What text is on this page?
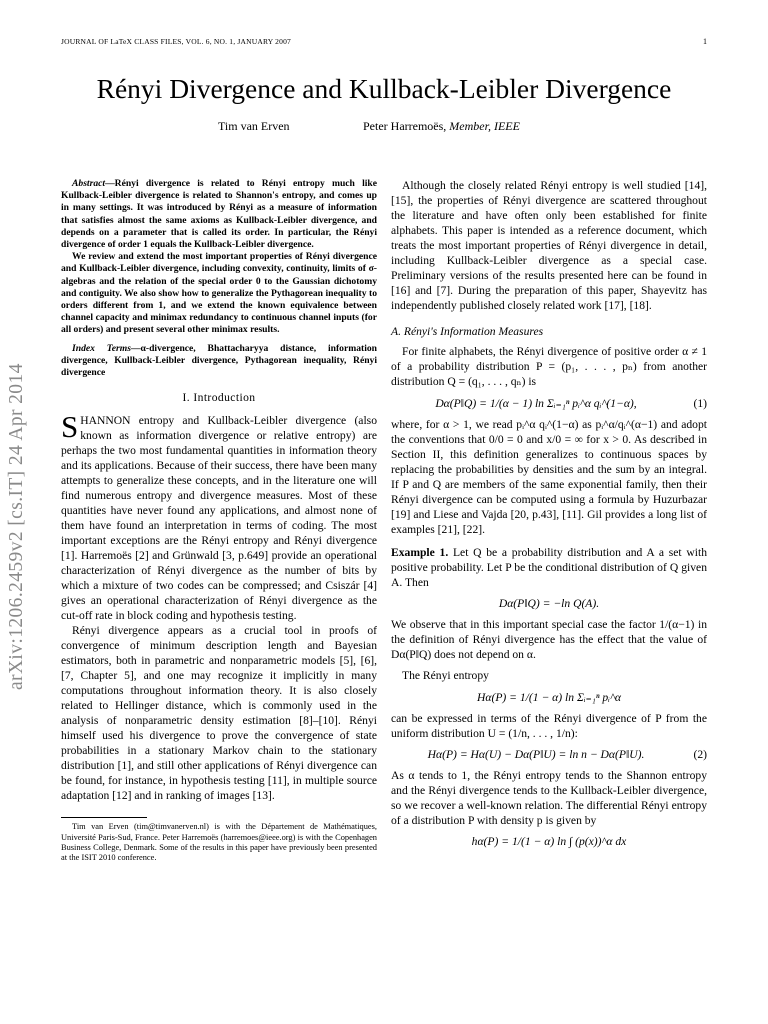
JOURNAL OF LaTeX CLASS FILES, VOL. 6, NO. 1, JANUARY 2007	1
arXiv:1206.2459v2 [cs.IT] 24 Apr 2014
Rényi Divergence and Kullback-Leibler Divergence
Tim van Erven	Peter Harremoës, Member, IEEE

Abstract—Rényi divergence is related to Rényi entropy much like Kullback-Leibler divergence is related to Shannon's entropy, and comes up in many settings. It was introduced by Rényi as a measure of information that satisfies almost the same axioms as Kullback-Leibler divergence, and depends on a parameter that is called its order. In particular, the Rényi divergence of order 1 equals the Kullback-Leibler divergence.

We review and extend the most important properties of Rényi divergence and Kullback-Leibler divergence, including convexity, continuity, limits of σ-algebras and the relation of the special order 0 to the Gaussian dichotomy and contiguity. We also show how to generalize the Pythagorean inequality to orders different from 1, and we extend the known equivalence between channel capacity and minimax redundancy to continuous channel inputs (for all orders) and present several other minimax results.

Index Terms—α-divergence, Bhattacharyya distance, information divergence, Kullback-Leibler divergence, Pythagorean inequality, Rényi divergence

I. Introduction

SHANNON entropy and Kullback-Leibler divergence (also known as information divergence or relative entropy) are perhaps the two most fundamental quantities in information theory and its applications. Because of their success, there have been many attempts to generalize these concepts, and in the literature one will find numerous entropy and divergence measures. Most of these quantities have never found any applications, and almost none of them have found an interpretation in terms of coding. The most important exceptions are the Rényi entropy and Rényi divergence [1]. Harremoës [2] and Grünwald [3, p.649] provide an operational characterization of Rényi divergence as the number of bits by which a mixture of two codes can be compressed; and Csiszár [4] gives an operational characterization of Rényi divergence as the cut-off rate in block coding and hypothesis testing.

Rényi divergence appears as a crucial tool in proofs of convergence of minimum description length and Bayesian estimators, both in parametric and nonparametric models [5], [6], [7, Chapter 5], and one may recognize it implicitly in many computations throughout information theory. It is also closely related to Hellinger distance, which is commonly used in the analysis of nonparametric density estimation [8]–[10]. Rényi himself used his divergence to prove the convergence of state probabilities in a stationary Markov chain to the stationary distribution [1], and still other applications of Rényi divergence can be found, for instance, in hypothesis testing [11], in multiple source adaptation [12] and in ranking of images [13].

Tim van Erven (tim@timvanerven.nl) is with the Département de Mathématiques, Université Paris-Sud, France. Peter Harremoës (harremoes@ieee.org) is with the Copenhagen Business College, Denmark. Some of the results in this paper have previously been presented at the ISIT 2010 conference.

Although the closely related Rényi entropy is well studied [14], [15], the properties of Rényi divergence are scattered throughout the literature and have often only been established for finite alphabets. This paper is intended as a reference document, which treats the most important properties of Rényi divergence in detail, including Kullback-Leibler divergence as a special case. Preliminary versions of the results presented here can be found in [16] and [7]. During the preparation of this paper, Shayevitz has independently published closely related work [17], [18].

A. Rényi's Information Measures

For finite alphabets, the Rényi divergence of positive order α ≠ 1 of a probability distribution P = (p₁, . . . , pₙ) from another distribution Q = (q₁, . . . , qₙ) is

Dα(P‖Q) = 1/(α − 1) ln Σᵢ₌₁ⁿ pᵢ^α qᵢ^(1−α),	(1)

where, for α > 1, we read pᵢ^α qᵢ^(1−α) as pᵢ^α/qᵢ^(α−1) and adopt the conventions that 0/0 = 0 and x/0 = ∞ for x > 0. As described in Section II, this definition generalizes to continuous spaces by replacing the probabilities by densities and the sum by an integral. If P and Q are members of the same exponential family, then their Rényi divergence can be computed using a formula by Huzurbazar [19] and Liese and Vajda [20, p.43], [11]. Gil provides a long list of examples [21], [22].

Example 1. Let Q be a probability distribution and A a set with positive probability. Let P be the conditional distribution of Q given A. Then

Dα(P‖Q) = −ln Q(A).

We observe that in this important special case the factor 1/(α−1) in the definition of Rényi divergence has the effect that the value of Dα(P‖Q) does not depend on α.

The Rényi entropy

Hα(P) = 1/(1 − α) ln Σᵢ₌₁ⁿ pᵢ^α

can be expressed in terms of the Rényi divergence of P from the uniform distribution U = (1/n, . . . , 1/n):

Hα(P) = Hα(U) − Dα(P‖U) = ln n − Dα(P‖U).	(2)

As α tends to 1, the Rényi entropy tends to the Shannon entropy and the Rényi divergence tends to the Kullback-Leibler divergence, so we recover a well-known relation. The differential Rényi entropy of a distribution P with density p is given by

hα(P) = 1/(1 − α) ln ∫ (p(x))^α dx
